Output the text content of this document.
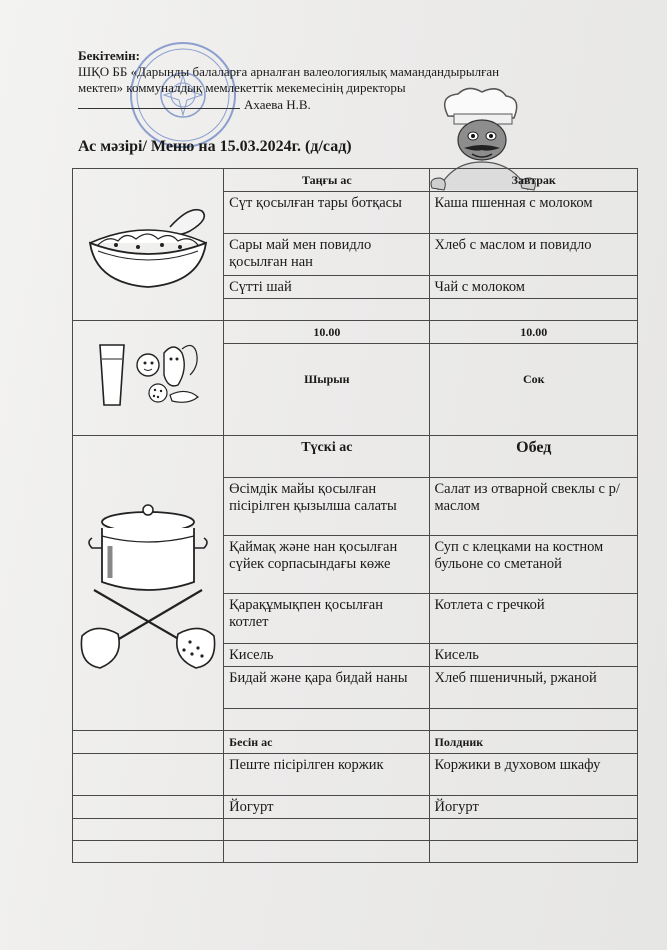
Бекітемін:
ШҚО ББ «Дарынды балаларға арналған валеологиялық мамандандырылған
мектеп» коммуналдық мемлекеттік мекемесінің директоры
Ахаева Н.В.
Ас мәзірі/ Меню на 15.03.2024г. (д/сад)
	Таңғы ас	Завтрак
	Сүт қосылған тары ботқасы	Каша пшенная с молоком
	Сары май мен повидло қосылған нан	Хлеб с маслом и повидло
	Сүтті шай	Чай с молоком

	10.00	10.00
	Шырын	Сок
	Түскі ас	Обед
	Өсімдік майы қосылған пісірілген қызылша салаты	Салат из отварной свеклы с р/маслом
	Қаймақ жəне нан қосылған сүйек сорпасындағы көже	Суп с клецками на костном бульоне со сметаной
	Қарақұмықпен қосылған котлет	Котлета с гречкой
	Кисель	Кисель
	Бидай жəне қара бидай наны	Хлеб пшеничный, ржаной

	Бесін ас	Полдник
	Пеште пісірілген коржик	Коржики в духовом шкафу
	Йогурт	Йогурт
